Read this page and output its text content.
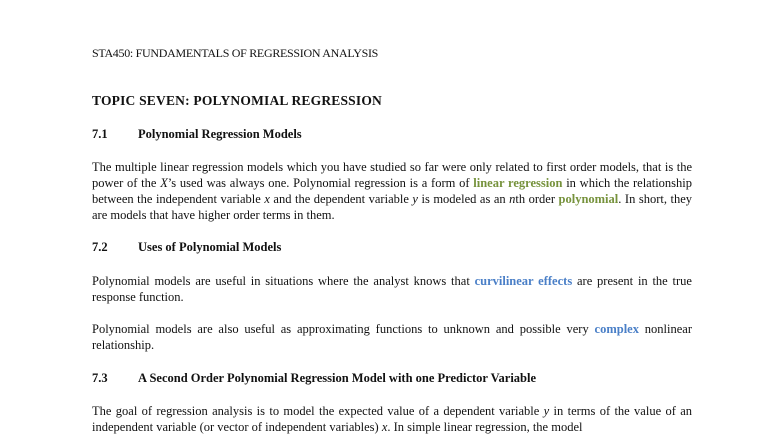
STA450: FUNDAMENTALS OF REGRESSION ANALYSIS
TOPIC SEVEN: POLYNOMIAL REGRESSION
7.1 Polynomial Regression Models
The multiple linear regression models which you have studied so far were only related to first order models, that is the power of the X’s used was always one. Polynomial regression is a form of linear regression in which the relationship between the independent variable x and the dependent variable y is modeled as an nth order polynomial. In short, they are models that have higher order terms in them.
7.2 Uses of Polynomial Models
Polynomial models are useful in situations where the analyst knows that curvilinear effects are present in the true response function.
Polynomial models are also useful as approximating functions to unknown and possible very complex nonlinear relationship.
7.3 A Second Order Polynomial Regression Model with one Predictor Variable
The goal of regression analysis is to model the expected value of a dependent variable y in terms of the value of an independent variable (or vector of independent variables) x. In simple linear regression, the model
